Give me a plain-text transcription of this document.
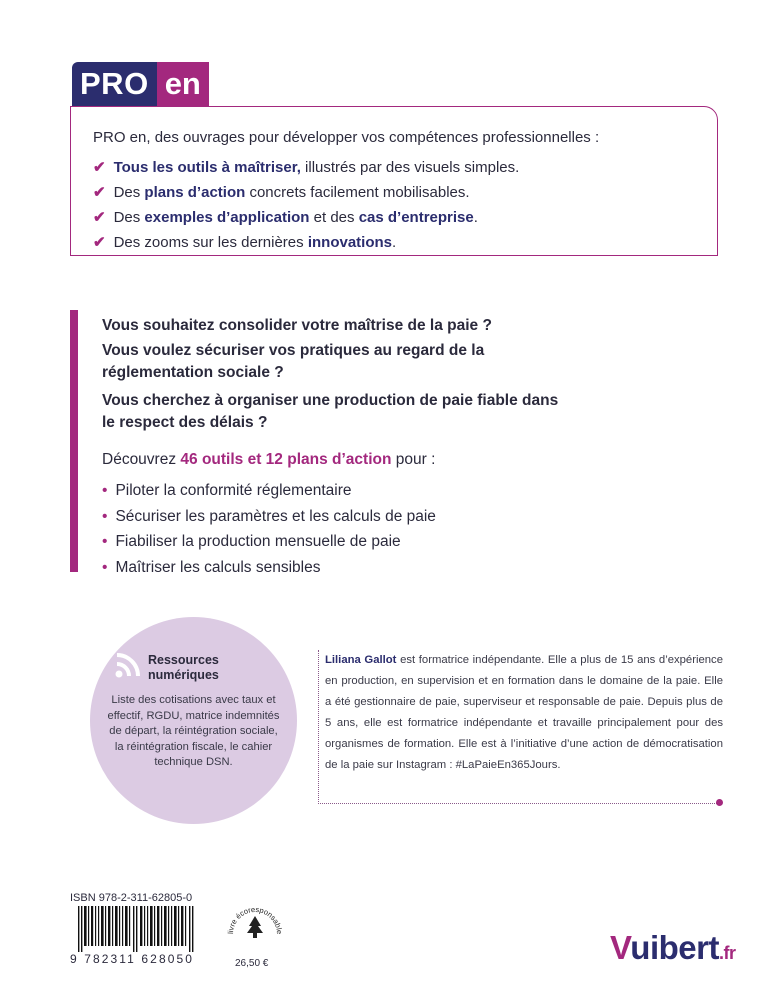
PRO en
PRO en, des ouvrages pour développer vos compétences professionnelles :
✔ Tous les outils à maîtriser, illustrés par des visuels simples.
✔ Des plans d’action concrets facilement mobilisables.
✔ Des exemples d’application et des cas d’entreprise.
✔ Des zooms sur les dernières innovations.
Vous souhaitez consolider votre maîtrise de la paie ?
Vous voulez sécuriser vos pratiques au regard de la réglementation sociale ?
Vous cherchez à organiser une production de paie fiable dans le respect des délais ?
Découvrez 46 outils et 12 plans d’action pour :
• Piloter la conformité réglementaire
• Sécuriser les paramètres et les calculs de paie
• Fiabiliser la production mensuelle de paie
• Maîtriser les calculs sensibles
Ressources numériques
Liste des cotisations avec taux et effectif, RGDU, matrice indemnités de départ, la réintégration sociale, la réintégration fiscale, le cahier technique DSN.
Liliana Gallot est formatrice indépendante. Elle a plus de 15 ans d’expérience en production, en supervision et en formation dans le domaine de la paie. Elle a été gestionnaire de paie, superviseur et responsable de paie. Depuis plus de 5 ans, elle est formatrice indépendante et travaille principalement pour des organismes de formation. Elle est à l’initiative d’une action de démocratisation de la paie sur Instagram : #LaPaieEn365Jours.
ISBN 978-2-311-62805-0
9 782311 628050
livre écoresponsable
26,50 €	Vuibert.fr
